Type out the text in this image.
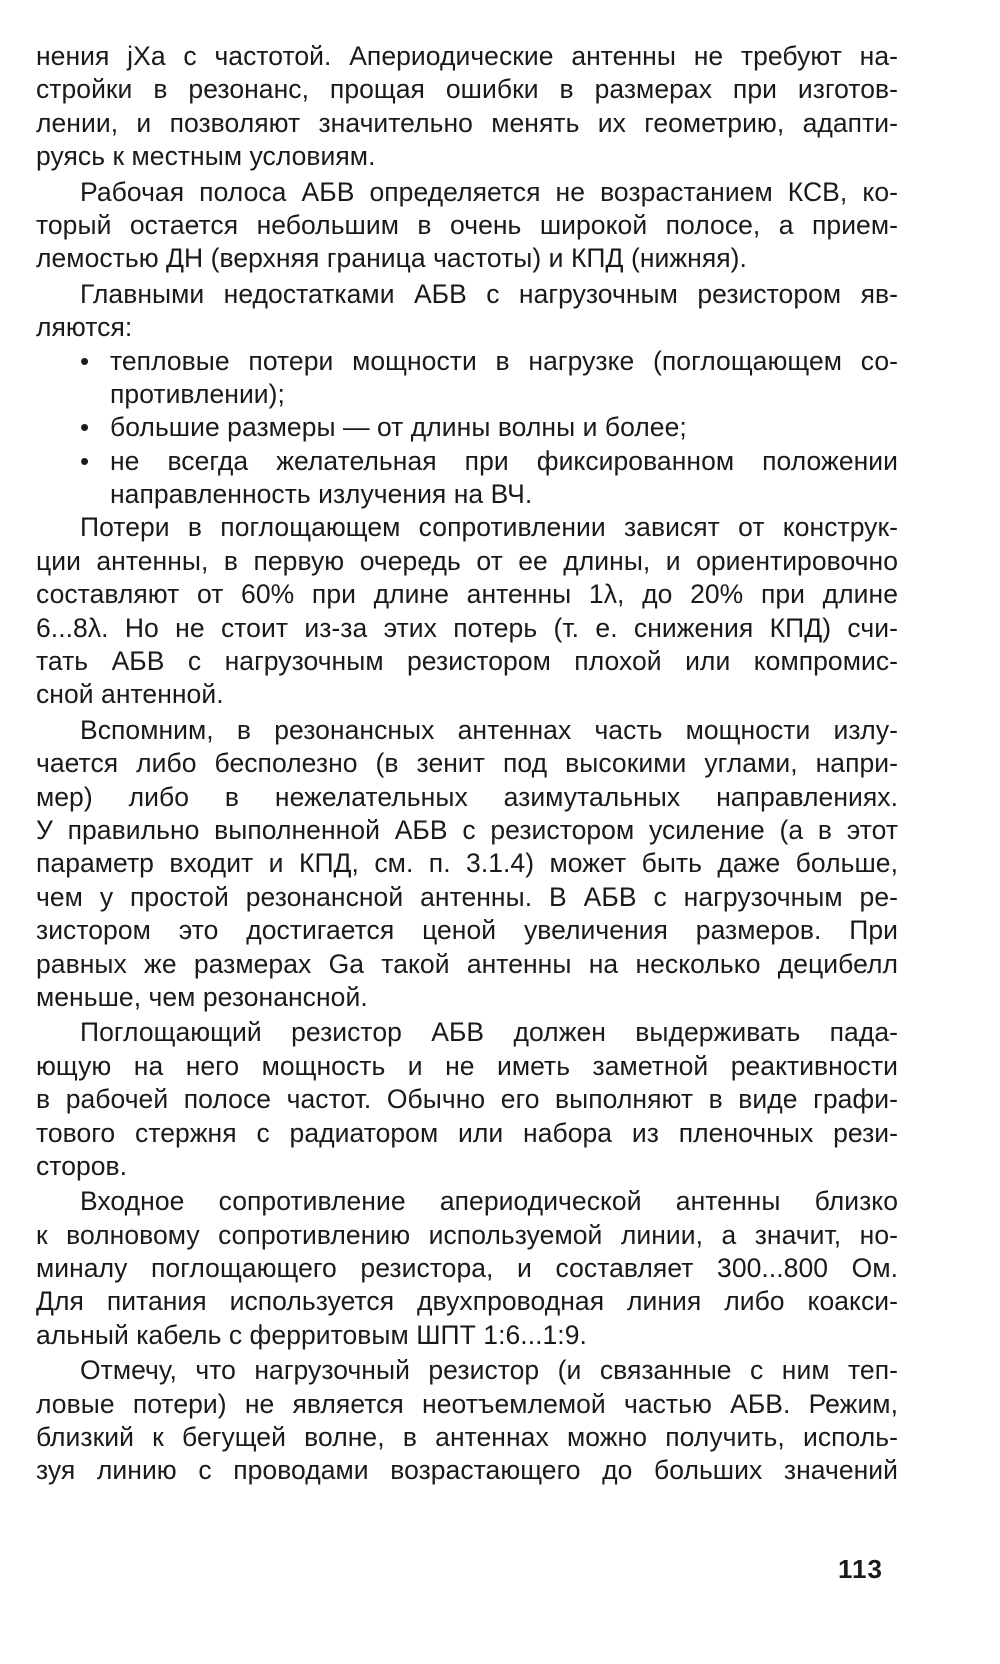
нения jXa с частотой. Апериодические антенны не требуют на-
стройки в резонанс, прощая ошибки в размерах при изготов-
лении, и позволяют значительно менять их геометрию, адапти-
руясь к местным условиям.
Рабочая полоса АБВ определяется не возрастанием КСВ, ко-
торый остается небольшим в очень широкой полосе, а прием-
лемостью ДН (верхняя граница частоты) и КПД (нижняя).
Главными недостатками АБВ с нагрузочным резистором яв-
ляются:
• тепловые потери мощности в нагрузке (поглощающем со-
противлении);
• большие размеры — от длины волны и более;
• не всегда желательная при фиксированном положении
направленность излучения на ВЧ.
Потери в поглощающем сопротивлении зависят от конструк-
ции антенны, в первую очередь от ее длины, и ориентировочно
составляют от 60% при длине антенны 1λ, до 20% при длине
6...8λ. Но не стоит из-за этих потерь (т. е. снижения КПД) счи-
тать АБВ с нагрузочным резистором плохой или компромис-
сной антенной.
Вспомним, в резонансных антеннах часть мощности излу-
чается либо бесполезно (в зенит под высокими углами, напри-
мер) либо в нежелательных азимутальных направлениях.
У правильно выполненной АБВ с резистором усиление (а в этот
параметр входит и КПД, см. п. 3.1.4) может быть даже больше,
чем у простой резонансной антенны. В АБВ с нагрузочным ре-
зистором это достигается ценой увеличения размеров. При
равных же размерах Ga такой антенны на несколько децибелл
меньше, чем резонансной.
Поглощающий резистор АБВ должен выдерживать пада-
ющую на него мощность и не иметь заметной реактивности
в рабочей полосе частот. Обычно его выполняют в виде графи-
тового стержня с радиатором или набора из пленочных рези-
сторов.
Входное сопротивление апериодической антенны близко
к волновому сопротивлению используемой линии, а значит, но-
миналу поглощающего резистора, и составляет 300...800 Ом.
Для питания используется двухпроводная линия либо коакси-
альный кабель с ферритовым ШПТ 1:6...1:9.
Отмечу, что нагрузочный резистор (и связанные с ним теп-
ловые потери) не является неотъемлемой частью АБВ. Режим,
близкий к бегущей волне, в антеннах можно получить, исполь-
зуя линию с проводами возрастающего до больших значений
113
